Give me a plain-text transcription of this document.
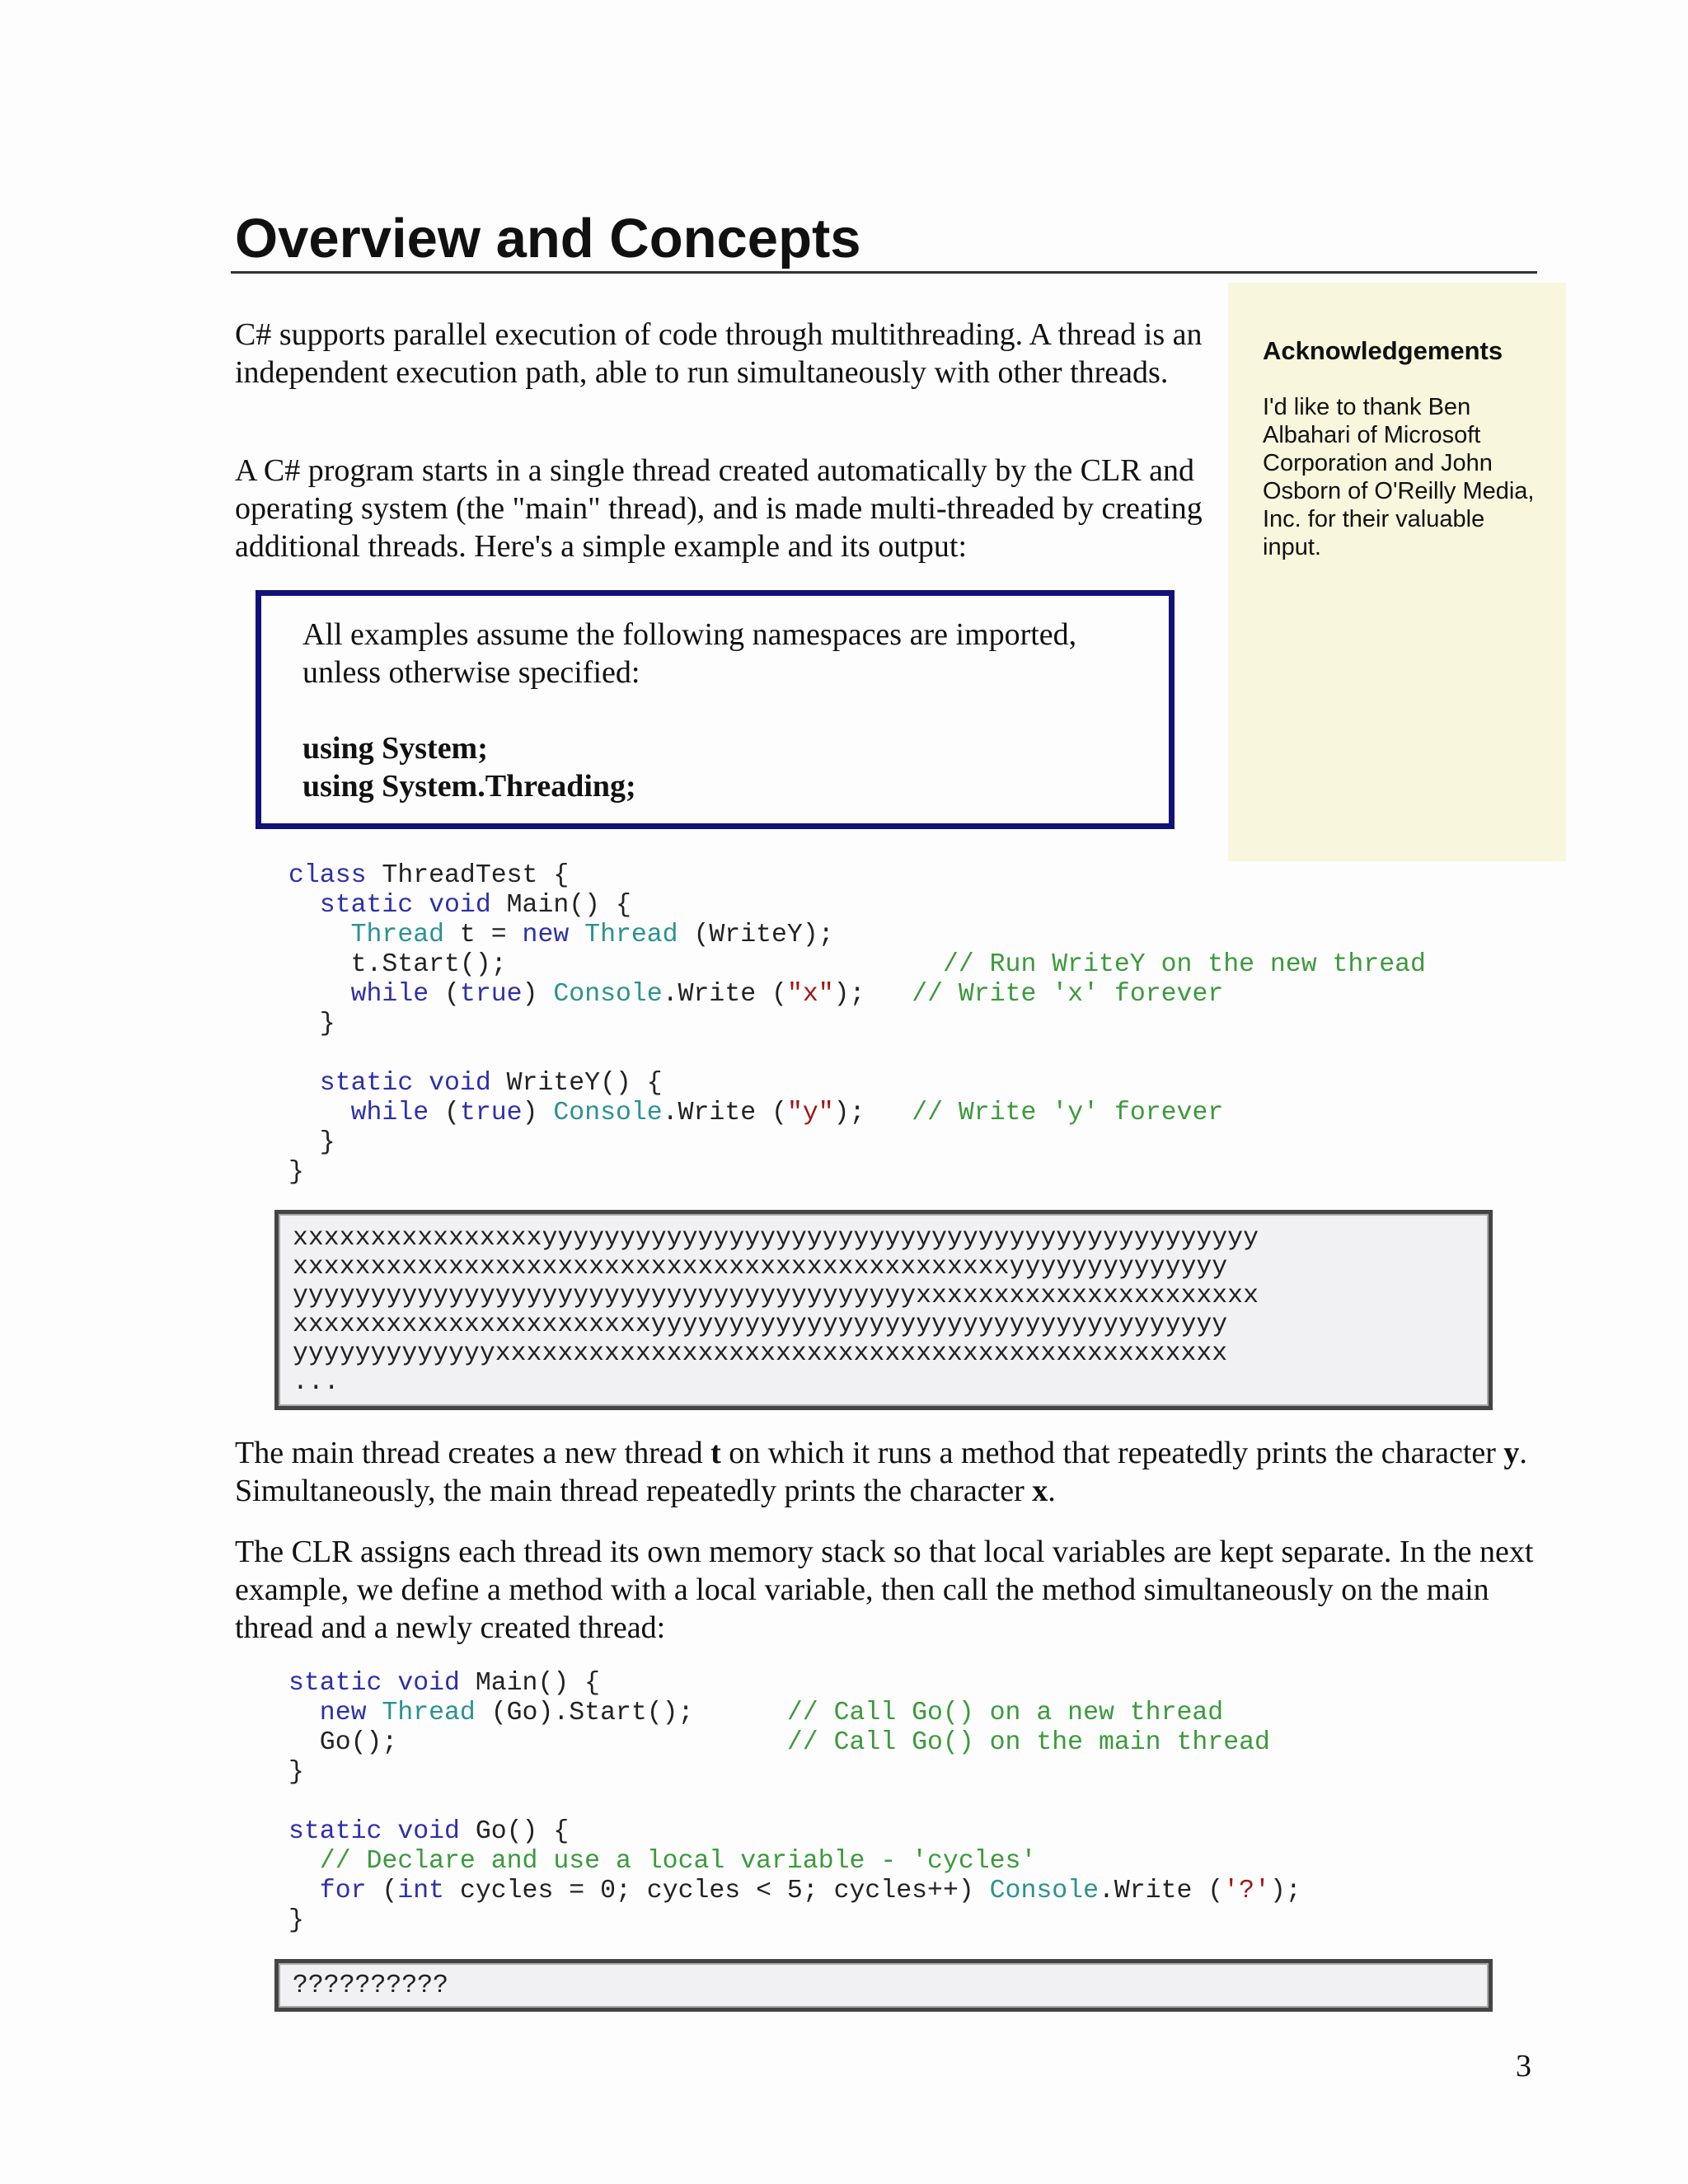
Overview and Concepts

Acknowledgements

I'd like to thank Ben Albahari of Microsoft Corporation and John Osborn of O'Reilly Media, Inc. for their valuable input.

C# supports parallel execution of code through multithreading. A thread is an independent execution path, able to run simultaneously with other threads.

A C# program starts in a single thread created automatically by the CLR and operating system (the "main" thread), and is made multi-threaded by creating additional threads. Here's a simple example and its output:

All examples assume the following namespaces are imported, unless otherwise specified:

using System;

using System.Threading;

class ThreadTest {
static void Main() {
Thread t = new Thread (WriteY);
t.Start();                            // Run WriteY on the new thread
while (true) Console.Write ("x");   // Write 'x' forever
}

static void WriteY() {
while (true) Console.Write ("y");   // Write 'y' forever
}
}
xxxxxxxxxxxxxxxxyyyyyyyyyyyyyyyyyyyyyyyyyyyyyyyyyyyyyyyyyyyyyy
xxxxxxxxxxxxxxxxxxxxxxxxxxxxxxxxxxxxxxxxxxxxxxyyyyyyyyyyyyyy
yyyyyyyyyyyyyyyyyyyyyyyyyyyyyyyyyyyyyyyyxxxxxxxxxxxxxxxxxxxxxx
xxxxxxxxxxxxxxxxxxxxxxxyyyyyyyyyyyyyyyyyyyyyyyyyyyyyyyyyyyyy
yyyyyyyyyyyyyxxxxxxxxxxxxxxxxxxxxxxxxxxxxxxxxxxxxxxxxxxxxxxx
...

The main thread creates a new thread t on which it runs a method that repeatedly prints the character y. Simultaneously, the main thread repeatedly prints the character x.

The CLR assigns each thread its own memory stack so that local variables are kept separate. In the next example, we define a method with a local variable, then call the method simultaneously on the main thread and a newly created thread:

static void Main() {
new Thread (Go).Start();      // Call Go() on a new thread
Go();                         // Call Go() on the main thread
}

static void Go() {
// Declare and use a local variable - 'cycles'
for (int cycles = 0; cycles < 5; cycles++) Console.Write ('?');
}
??????????

3
